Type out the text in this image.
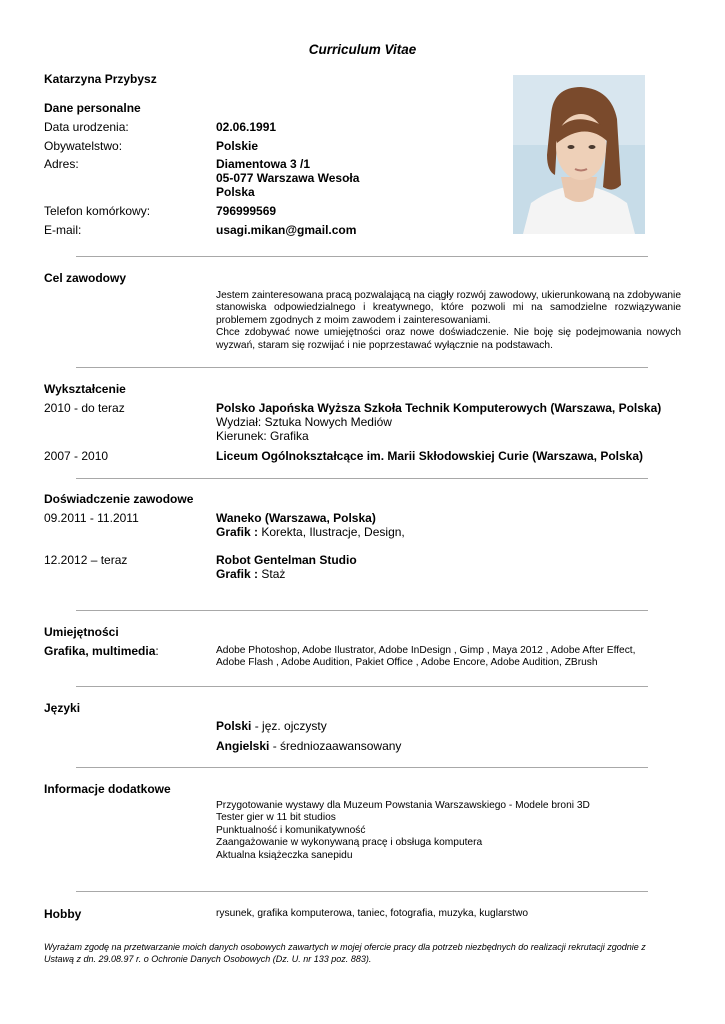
Curriculum Vitae
Katarzyna Przybysz
Dane personalne
Data urodzenia:	02.06.1991
Obywatelstwo:	Polskie
Adres:	Diamentowa 3 /1
05-077 Warszawa Wesoła
Polska
Telefon komórkowy:	796999569
E-mail:	usagi.mikan@gmail.com
Cel zawodowy
Jestem zainteresowana pracą pozwalającą na ciągły rozwój zawodowy, ukierunkowaną na zdobywanie stanowiska odpowiedzialnego i kreatywnego, które pozwoli mi na samodzielne rozwiązywanie problemem zgodnych z moim zawodem i zainteresowaniami.
Chce zdobywać nowe umiejętności oraz nowe doświadczenie. Nie boję się podejmowania nowych wyzwań, staram się rozwijać i nie poprzestawać wyłącznie na podstawach.
Wykształcenie
2010 - do teraz	Polsko Japońska Wyższa Szkoła Technik Komputerowych (Warszawa, Polska)
Wydział: Sztuka Nowych Mediów
Kierunek: Grafika
2007 - 2010	Liceum Ogólnokształcące im. Marii Skłodowskiej Curie (Warszawa, Polska)
Doświadczenie zawodowe
09.2011 - 11.2011	Waneko (Warszawa, Polska)
Grafik : Korekta, Ilustracje, Design,
12.2012 – teraz	Robot Gentelman Studio
Grafik : Staż
Umiejętności
Grafika, multimedia:	Adobe Photoshop, Adobe Ilustrator, Adobe InDesign , Gimp , Maya 2012 , Adobe After Effect,
Adobe Flash , Adobe Audition, Pakiet Office , Adobe Encore, Adobe Audition, ZBrush
Języki
Polski - jęz. ojczysty
Angielski - średniozaawansowany
Informacje dodatkowe
Przygotowanie wystawy dla Muzeum Powstania Warszawskiego - Modele broni 3D
Tester gier w 11 bit studios
Punktualność i komunikatywność
Zaangażowanie w wykonywaną pracę i obsługa komputera
Aktualna książeczka sanepidu
Hobby	rysunek, grafika komputerowa, taniec, fotografia, muzyka, kuglarstwo
Wyrażam zgodę na przetwarzanie moich danych osobowych zawartych w mojej ofercie pracy dla potrzeb niezbędnych do realizacji rekrutacji zgodnie z Ustawą z dn. 29.08.97 r. o Ochronie Danych Osobowych (Dz. U. nr 133 poz. 883).
